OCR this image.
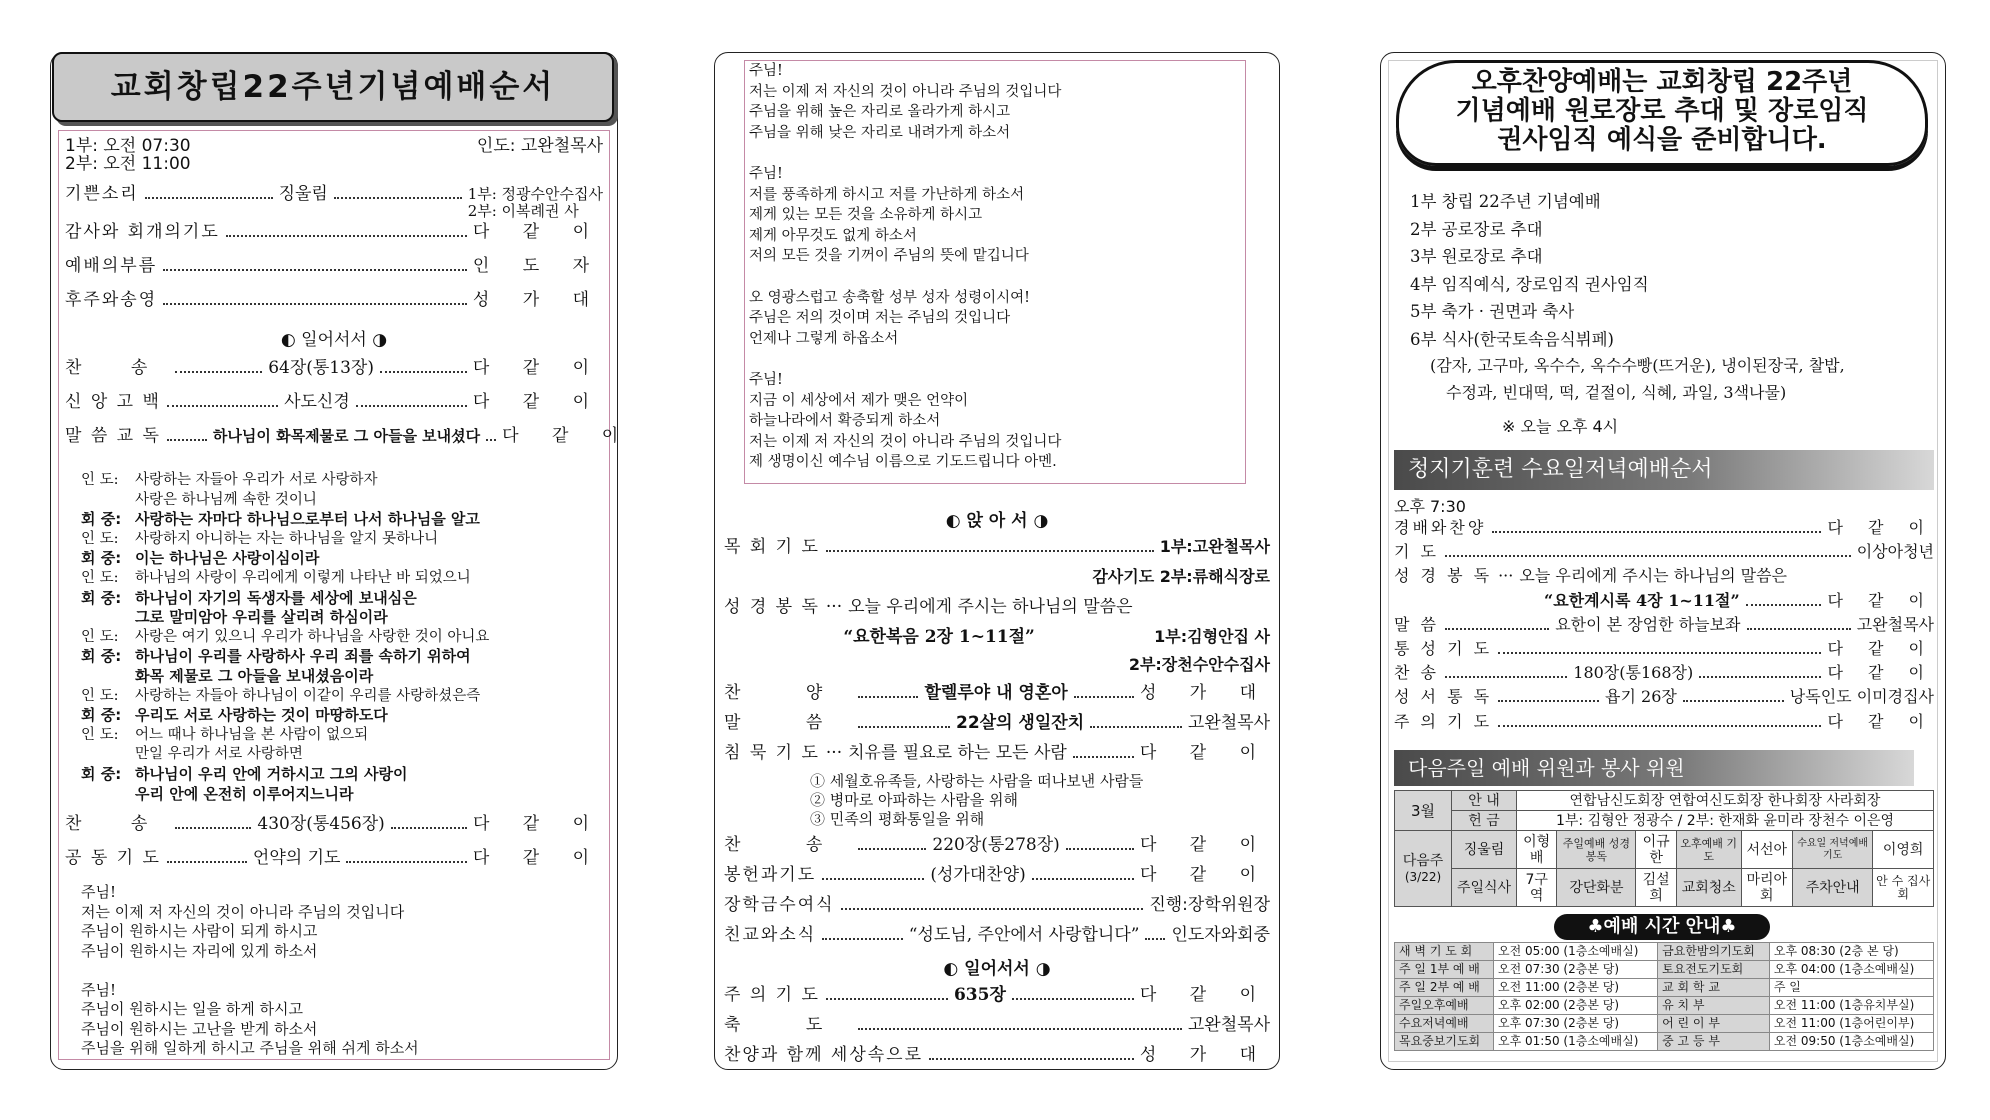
교회창립22주년기념예배순서
1부: 오전 07:30
2부: 오전 11:00
인도: 고완철목사
기쁜소리	징울림	1부: 정광수안수집사
2부: 이복례권 사
감사와 회개의기도	다 같 이
예배의부름	인 도 자
후주와송영	성 가 대
◐ 일어서서 ◑
찬 송	64장(통13장)	다 같 이
신 앙 고 백	사도신경	다 같 이
말 씀 교 독	하나님이 화목제물로 그 아들을 보내셨다 다 같 이
인 도:	사랑하는 자들아 우리가 서로 사랑하자
사랑은 하나님께 속한 것이니
회 중: 사랑하는 자마다 하나님으로부터 나서 하나님을 알고
인 도:	사랑하지 아니하는 자는 하나님을 알지 못하나니
회 중: 이는 하나님은 사랑이심이라
인 도:	하나님의 사랑이 우리에게 이렇게 나타난 바 되었으니
회 중: 하나님이 자기의 독생자를 세상에 보내심은
그로 말미암아 우리를 살리려 하심이라
인 도:	사랑은 여기 있으니 우리가 하나님을 사랑한 것이 아니요
회 중: 하나님이 우리를 사랑하사 우리 죄를 속하기 위하여
화목 제물로 그 아들을 보내셨음이라
인 도:	사랑하는 자들아 하나님이 이같이 우리를 사랑하셨은즉
회 중: 우리도 서로 사랑하는 것이 마땅하도다
인 도:	어느 때나 하나님을 본 사람이 없으되
만일 우리가 서로 사랑하면
회 중: 하나님이 우리 안에 거하시고 그의 사랑이
우리 안에 온전히 이루어지느니라
찬 송	430장(통456장)	다 같 이
공 동 기 도	언약의 기도	다 같 이
주님!
저는 이제 저 자신의 것이 아니라 주님의 것입니다
주님이 원하시는 사람이 되게 하시고
주님이 원하시는 자리에 있게 하소서
주님!
주님이 원하시는 일을 하게 하시고
주님이 원하시는 고난을 받게 하소서
주님을 위해 일하게 하시고 주님을 위해 쉬게 하소서
주님!
저는 이제 저 자신의 것이 아니라 주님의 것입니다
주님을 위해 높은 자리로 올라가게 하시고
주님을 위해 낮은 자리로 내려가게 하소서
주님!
저를 풍족하게 하시고 저를 가난하게 하소서
제게 있는 모든 것을 소유하게 하시고
제게 아무것도 없게 하소서
저의 모든 것을 기꺼이 주님의 뜻에 맡깁니다
오 영광스럽고 송축할 성부 성자 성령이시여!
주님은 저의 것이며 저는 주님의 것입니다
언제나 그렇게 하옵소서
주님!
지금 이 세상에서 제가 맺은 언약이
하늘나라에서 확증되게 하소서
저는 이제 저 자신의 것이 아니라 주님의 것입니다
제 생명이신 예수님 이름으로 기도드립니다 아멘.
◐ 앉 아 서 ◑
목 회 기 도	1부:고완철목사
감사기도 2부:류해식장로
성 경 봉 독 ··· 오늘 우리에게 주시는 하나님의 말씀은
“요한복음 2장 1~11절”	1부:김형안집 사
2부:장천수안수집사
찬 양	할렐루야 내 영혼아	성 가 대
말 씀	22살의 생일잔치	고완철목사
침 묵 기 도 ··· 치유를 필요로 하는 모든 사람	다 같 이
① 세월호유족들, 사랑하는 사람을 떠나보낸 사람들
② 병마로 아파하는 사람을 위해
③ 민족의 평화통일을 위해
찬 송	220장(통278장)	다 같 이
봉헌과기도	(성가대찬양)	다 같 이
장학금수여식	진행:장학위원장
친교와소식	“성도님, 주안에서 사랑합니다” 인도자와회중
◐ 일어서서 ◑
주 의 기 도	635장	다 같 이
축 도	고완철목사
찬양과 함께 세상속으로	성 가 대
오후찬양예배는 교회창립 22주년
기념예배 원로장로 추대 및 장로임직
권사임직 예식을 준비합니다.
1부 창립 22주년 기념예배
2부 공로장로 추대
3부 원로장로 추대
4부 임직예식, 장로임직 권사임직
5부 축가 · 권면과 축사
6부 식사(한국토속음식뷔페)
(감자, 고구마, 옥수수, 옥수수빵(뜨거운), 냉이된장국, 찰밥,
수정과, 빈대떡, 떡, 겉절이, 식혜, 과일, 3색나물)
※ 오늘 오후 4시
청지기훈련 수요일저녁예배순서
오후 7:30
경배와찬양	다 같 이
기 도	이상아청년
성 경 봉 독 ··· 오늘 우리에게 주시는 하나님의 말씀은
“요한계시록 4장 1~11절”	다 같 이
말 씀	요한이 본 장엄한 하늘보좌	고완철목사
통 성 기 도	다 같 이
찬 송	180장(통168장)	다 같 이
성 서 통 독	욥기 26장	낭독인도 이미경집사
주 의 기 도	다 같 이
다음주일 예배 위원과 봉사 위원
3월	안 내	연합남신도회장 연합여신도회장 한나회장 사라회장						
	헌 금	1부: 김형안 정광수 / 2부: 한재화 윤미라 장천수 이은영						

다음주
(3/22)	징울림	이형배	주일예배 성경봉독	이규한	오후예배 기 도	서선아	수요일 저녁예배기도	이영희
	주일식사	7구역	강단화분	김설희	교회청소	마리아회	주차안내	안 수 집사회
♣예배 시간 안내♣
새 벽 기 도 회	오전 05:00 (1층소예배실)	금요한밤의기도회	오후 08:30 (2층 본 당)
주 일 1부 예 배	오전 07:30 (2층본 당)	토요전도기도회	오후 04:00 (1층소예배실)
주 일 2부 예 배	오전 11:00 (2층본 당)	교 회 학 교	주 일
주일오후예배	오후 02:00 (2층본 당)	유 치 부	오전 11:00 (1층유치부실)
수요저녁예배	오후 07:30 (2층본 당)	어 린 이 부	오전 11:00 (1층어린이부)
목요중보기도회	오후 01:50 (1층소예배실)	중 고 등 부	오전 09:50 (1층소예배실)
